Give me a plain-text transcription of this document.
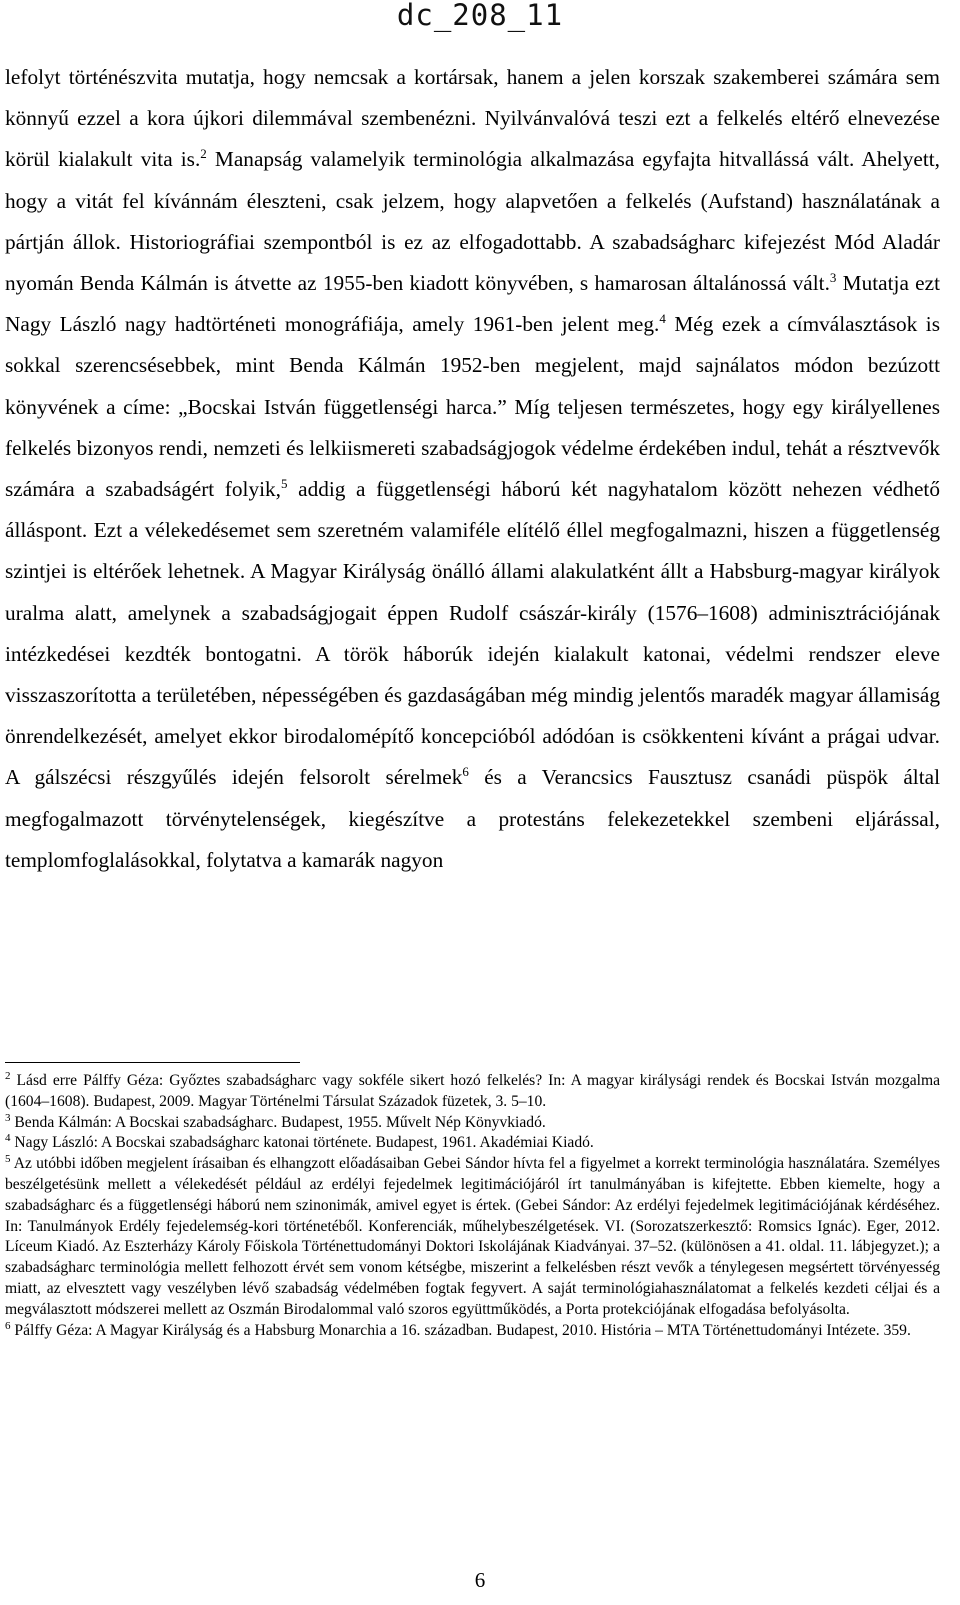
dc_208_11

lefolyt történészvita mutatja, hogy nemcsak a kortársak, hanem a jelen korszak szakemberei számára sem könnyű ezzel a kora újkori dilemmával szembenézni. Nyilvánvalóvá teszi ezt a felkelés eltérő elnevezése körül kialakult vita is.$^2$ Manapság valamelyik terminológia alkalmazása egyfajta hitvallássá vált. Ahelyett, hogy a vitát fel kívánnám éleszteni, csak jelzem, hogy alapvetően a felkelés (Aufstand) használatának a pártján állok. Historiográfiai szempontból is ez az elfogadottabb. A szabadságharc kifejezést Mód Aladár nyomán Benda Kálmán is átvette az 1955-ben kiadott könyvében, s hamarosan általánossá vált.$^3$ Mutatja ezt Nagy László nagy hadtörténeti monográfiája, amely 1961-ben jelent meg.$^4$ Még ezek a címválasztások is sokkal szerencsésebbek, mint Benda Kálmán 1952-ben megjelent, majd sajnálatos módon bezúzott könyvének a címe: „Bocskai István függetlenségi harca.” Míg teljesen természetes, hogy egy királyellenes felkelés bizonyos rendi, nemzeti és lelkiismereti szabadságjogok védelme érdekében indul, tehát a résztvevők számára a szabadságért folyik,$^5$ addig a függetlenségi háború két nagyhatalom között nehezen védhető álláspont. Ezt a vélekedésemet sem szeretném valamiféle elítélő éllel megfogalmazni, hiszen a függetlenség szintjei is eltérőek lehetnek. A Magyar Királyság önálló állami alakulatként állt a Habsburg-magyar királyok uralma alatt, amelynek a szabadságjogait éppen Rudolf császár-király (1576–1608) adminisztrációjának intézkedései kezdték bontogatni. A török háborúk idején kialakult katonai, védelmi rendszer eleve visszaszorította a területében, népességében és gazdaságában még mindig jelentős maradék magyar államiság önrendelkezését, amelyet ekkor birodalomépítő koncepcióból adódóan is csökkenteni kívánt a prágai udvar. A gálszécsi részgyűlés idején felsorolt sérelmek$^6$ és a Verancsics Fausztusz csanádi püspök által megfogalmazott törvénytelenségek, kiegészítve a protestáns felekezetekkel szembeni eljárással, templomfoglalásokkal, folytatva a kamarák nagyon

$^2$ Lásd erre Pálffy Géza: Győztes szabadságharc vagy sokféle sikert hozó felkelés? In: A magyar királysági rendek és Bocskai István mozgalma (1604–1608). Budapest, 2009. Magyar Történelmi Társulat Századok füzetek, 3. 5–10.

$^3$ Benda Kálmán: A Bocskai szabadságharc. Budapest, 1955. Művelt Nép Könyvkiadó.

$^4$ Nagy László: A Bocskai szabadságharc katonai története. Budapest, 1961. Akadémiai Kiadó.

$^5$ Az utóbbi időben megjelent írásaiban és elhangzott előadásaiban Gebei Sándor hívta fel a figyelmet a korrekt terminológia használatára. Személyes beszélgetésünk mellett a vélekedését például az erdélyi fejedelmek legitimációjáról írt tanulmányában is kifejtette. Ebben kiemelte, hogy a szabadságharc és a függetlenségi háború nem szinonimák, amivel egyet is értek. (Gebei Sándor: Az erdélyi fejedelmek legitimációjának kérdéséhez. In: Tanulmányok Erdély fejedelemség-kori történetéből. Konferenciák, műhelybeszélgetések. VI. (Sorozatszerkesztő: Romsics Ignác). Eger, 2012. Líceum Kiadó. Az Eszterházy Károly Főiskola Történettudományi Doktori Iskolájának Kiadványai. 37–52. (különösen a 41. oldal. 11. lábjegyzet.); a szabadságharc terminológia mellett felhozott érvét sem vonom kétségbe, miszerint a felkelésben részt vevők a ténylegesen megsértett törvényesség miatt, az elvesztett vagy veszélyben lévő szabadság védelmében fogtak fegyvert. A saját terminológiahasználatomat a felkelés kezdeti céljai és a megválasztott módszerei mellett az Oszmán Birodalommal való szoros együttműködés, a Porta protekciójának elfogadása befolyásolta.

$^6$ Pálffy Géza: A Magyar Királyság és a Habsburg Monarchia a 16. században. Budapest, 2010. História – MTA Történettudományi Intézete. 359.

6
